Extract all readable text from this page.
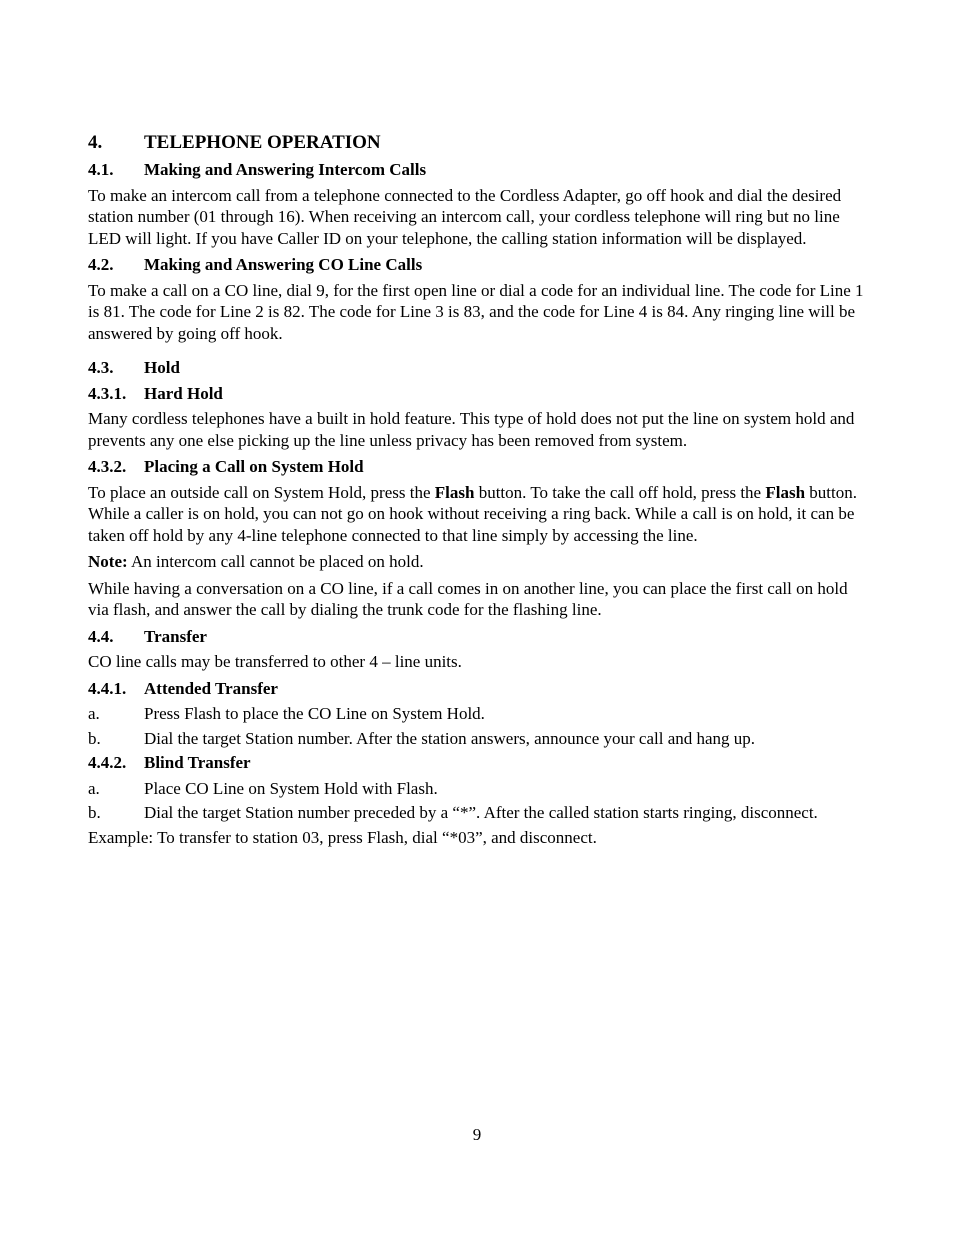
4.	TELEPHONE OPERATION
4.1.	Making and Answering Intercom Calls

To make an intercom call from a telephone connected to the Cordless Adapter, go off hook and dial the desired station number (01 through 16). When receiving an intercom call, your cordless telephone will ring but no line LED will light. If you have Caller ID on your telephone, the calling station information will be displayed.

4.2.	Making and Answering CO Line Calls

To make a call on a CO line, dial 9, for the first open line or dial a code for an individual line. The code for Line 1 is 81. The code for Line 2 is 82. The code for Line 3 is 83, and the code for Line 4 is 84. Any ringing line will be answered by going off hook.

4.3.	Hold
4.3.1.	Hard Hold

Many cordless telephones have a built in hold feature. This type of hold does not put the line on system hold and prevents any one else picking up the line unless privacy has been removed from system.

4.3.2.	Placing a Call on System Hold

To place an outside call on System Hold, press the Flash button. To take the call off hold, press the Flash button. While a caller is on hold, you can not go on hook without receiving a ring back. While a call is on hold, it can be taken off hold by any 4-line telephone connected to that line simply by accessing the line.

Note: An intercom call cannot be placed on hold.

While having a conversation on a CO line, if a call comes in on another line, you can place the first call on hold via flash, and answer the call by dialing the trunk code for the flashing line.

4.4.	Transfer

CO line calls may be transferred to other 4 – line units.

4.4.1.	Attended Transfer
a.	Press Flash to place the CO Line on System Hold.
b.	Dial the target Station number. After the station answers, announce your call and hang up.
4.4.2.	Blind Transfer
a.	Place CO Line on System Hold with Flash.
b.	Dial the target Station number preceded by a “*”. After the called station starts ringing, disconnect.

Example: To transfer to station 03, press Flash, dial “*03”, and disconnect.

9
